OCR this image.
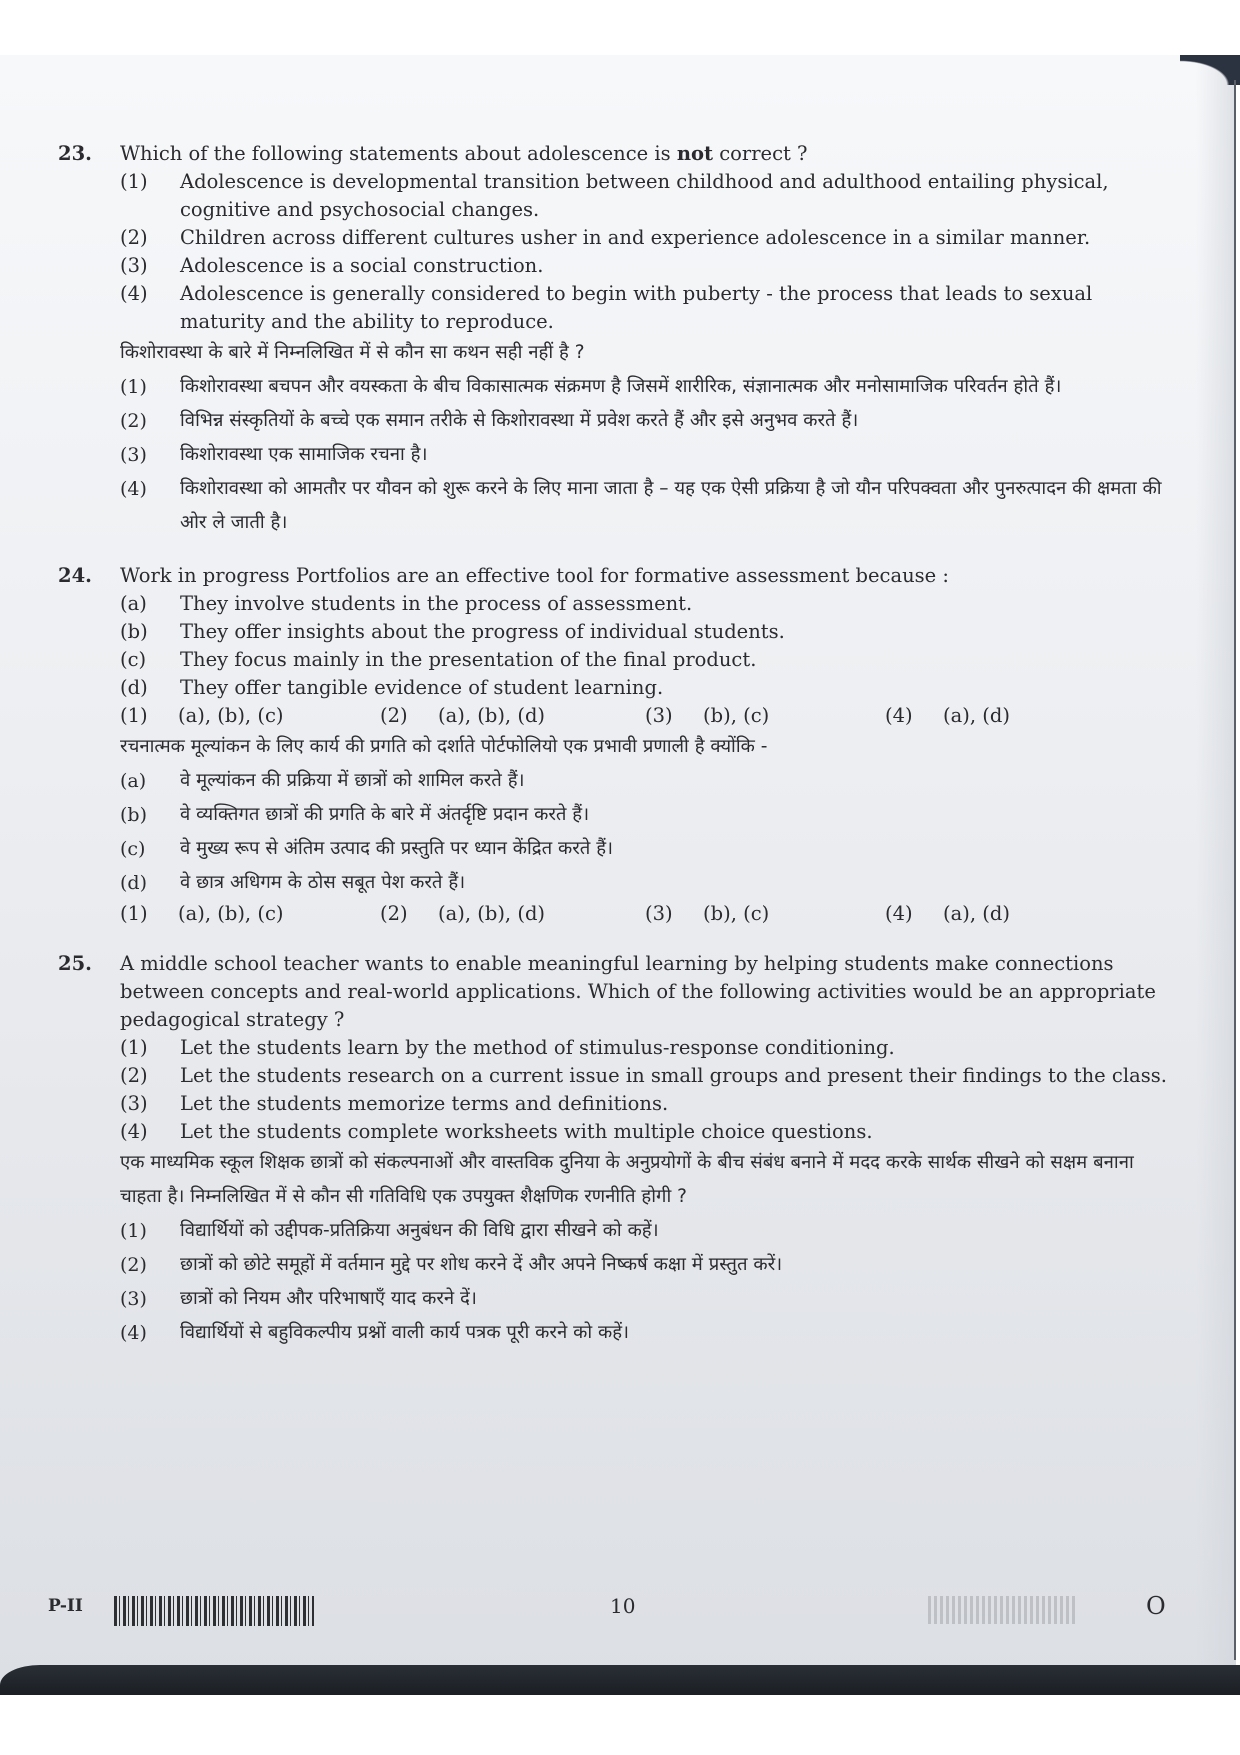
23.	Which of the following statements about adolescence is not correct ?
(1)	Adolescence is developmental transition between childhood and adulthood entailing physical, cognitive and psychosocial changes.
(2)	Children across different cultures usher in and experience adolescence in a similar manner.
(3)	Adolescence is a social construction.
(4)	Adolescence is generally considered to begin with puberty - the process that leads to sexual maturity and the ability to reproduce.
किशोरावस्था के बारे में निम्नलिखित में से कौन सा कथन सही नहीं है ?
(1)	किशोरावस्था बचपन और वयस्कता के बीच विकासात्मक संक्रमण है जिसमें शारीरिक, संज्ञानात्मक और मनोसामाजिक परिवर्तन होते हैं।
(2)	विभिन्न संस्कृतियों के बच्चे एक समान तरीके से किशोरावस्था में प्रवेश करते हैं और इसे अनुभव करते हैं।
(3)	किशोरावस्था एक सामाजिक रचना है।
(4)	किशोरावस्था को आमतौर पर यौवन को शुरू करने के लिए माना जाता है – यह एक ऐसी प्रक्रिया है जो यौन परिपक्वता और पुनरुत्पादन की क्षमता की ओर ले जाती है।
24.	Work in progress Portfolios are an effective tool for formative assessment because :
(a)	They involve students in the process of assessment.
(b)	They offer insights about the progress of individual students.
(c)	They focus mainly in the presentation of the final product.
(d)	They offer tangible evidence of student learning.
(1)	(a), (b), (c)	(2)	(a), (b), (d)	(3)	(b), (c)	(4)	(a), (d)
रचनात्मक मूल्यांकन के लिए कार्य की प्रगति को दर्शाते पोर्टफोलियो एक प्रभावी प्रणाली है क्योंकि -
(a)	वे मूल्यांकन की प्रक्रिया में छात्रों को शामिल करते हैं।
(b)	वे व्यक्तिगत छात्रों की प्रगति के बारे में अंतर्दृष्टि प्रदान करते हैं।
(c)	वे मुख्य रूप से अंतिम उत्पाद की प्रस्तुति पर ध्यान केंद्रित करते हैं।
(d)	वे छात्र अधिगम के ठोस सबूत पेश करते हैं।
(1)	(a), (b), (c)	(2)	(a), (b), (d)	(3)	(b), (c)	(4)	(a), (d)
25.	A middle school teacher wants to enable meaningful learning by helping students make connections between concepts and real-world applications. Which of the following activities would be an appropriate pedagogical strategy ?
(1)	Let the students learn by the method of stimulus-response conditioning.
(2)	Let the students research on a current issue in small groups and present their findings to the class.
(3)	Let the students memorize terms and definitions.
(4)	Let the students complete worksheets with multiple choice questions.
एक माध्यमिक स्कूल शिक्षक छात्रों को संकल्पनाओं और वास्तविक दुनिया के अनुप्रयोगों के बीच संबंध बनाने में मदद करके सार्थक सीखने को सक्षम बनाना चाहता है। निम्नलिखित में से कौन सी गतिविधि एक उपयुक्त शैक्षणिक रणनीति होगी ?
(1)	विद्यार्थियों को उद्दीपक-प्रतिक्रिया अनुबंधन की विधि द्वारा सीखने को कहें।
(2)	छात्रों को छोटे समूहों में वर्तमान मुद्दे पर शोध करने दें और अपने निष्कर्ष कक्षा में प्रस्तुत करें।
(3)	छात्रों को नियम और परिभाषाएँ याद करने दें।
(4)	विद्यार्थियों से बहुविकल्पीय प्रश्नों वाली कार्य पत्रक पूरी करने को कहें।
P-II	10	O
